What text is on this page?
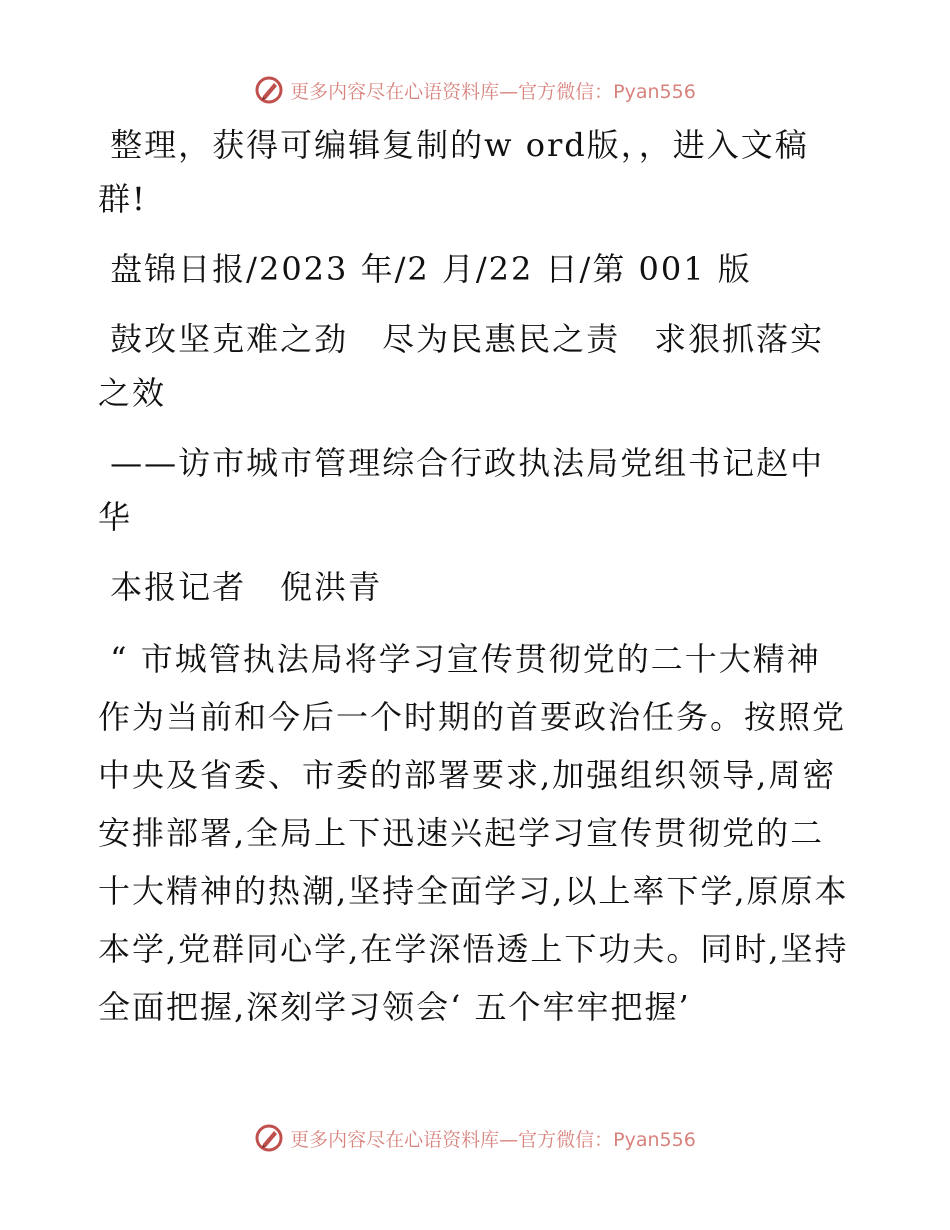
更多内容尽在心语资料库—官方微信：Pyan556

整理，获得可编辑复制的w ord版，，进入文稿群!

盘锦日报/2023 年/2 月/22 日/第 001 版

鼓攻坚克难之劲　尽为民惠民之责　求狠抓落实之效

——访市城市管理综合行政执法局党组书记赵中华

本报记者　倪洪青

“ 市城管执法局将学习宣传贯彻党的二十大精神作为当前和今后一个时期的首要政治任务。按照党中央及省委、市委的部署要求,加强组织领导,周密安排部署,全局上下迅速兴起学习宣传贯彻党的二十大精神的热潮,坚持全面学习,以上率下学,原原本本学,党群同心学,在学深悟透上下功夫。同时,坚持全面把握,深刻学习领会‘ 五个牢牢把握’

更多内容尽在心语资料库—官方微信：Pyan556
